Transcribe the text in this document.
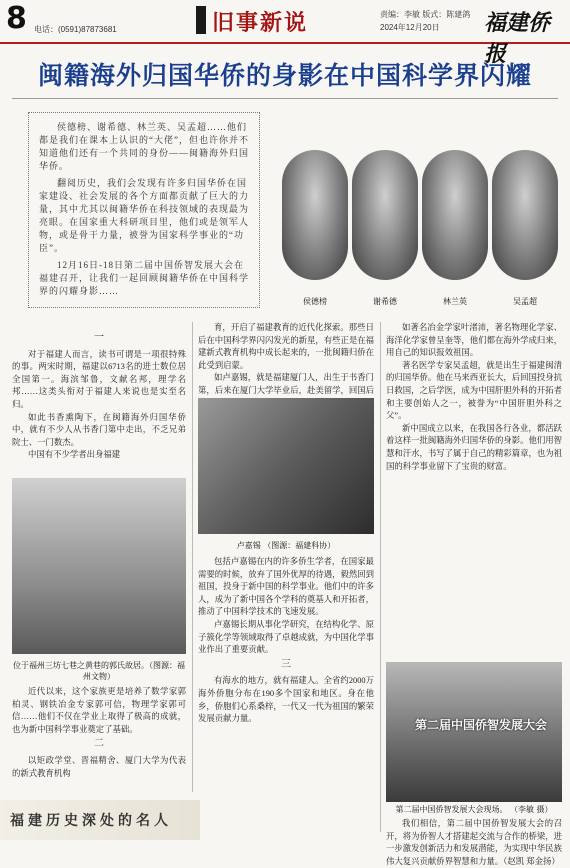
8 电话：(0591)87873681	旧事新说	责编：李敏 版式：陈建鸽
2024年12月20日	福建侨报
闽籍海外归国华侨的身影在中国科学界闪耀

侯德榜、谢希德、林兰英、吴孟超……他们都是我们在课本上认识的“大佬”，但也许你并不知道他们还有一个共同的身份——闽籍海外归国华侨。

翻阅历史，我们会发现有许多归国华侨在国家建设、社会发展的各个方面都贡献了巨大的力量，其中尤其以闽籍华侨在科技领域的表现最为亮眼。在国家重大科研项目里，他们或是领军人物，或是骨干力量，被誉为国家科学事业的“功臣”。

12月16日-18日第二届中国侨智发展大会在福建召开，让我们一起回顾闽籍华侨在中国科学界的闪耀身影……

侯德榜	谢希德	林兰英	吴孟超
一

对于福建人而言，读书可谓是一项很特殊的事。两宋时期，福建以6713名的进士数位居全国第一。海滨邹鲁，文献名邦，理学名邦……这类头衔对于福建人来说也是实至名归。

如此书香熏陶下，在闽籍海外归国华侨中，就有不少人从书香门第中走出，不乏兄弟院士、一门数杰。

中国有不少学者出身福建

位于福州三坊七巷之黄巷的郭氏故居。（图源：福州文物）

近代以来，这个家族更是培养了数学家郭柏灵、钢铁冶金专家郭可信，物理学家郭可信……他们不仅在学业上取得了极高的成就，也为新中国科学事业奠定了基础。

二

以矩政学堂、晋福精舍、厦门大学为代表的新式教育机构

育，开启了福建教育的近代化探索。那些日后在中国科学界闪闪发光的新星，有些正是在福建新式教育机构中成长起来的，一批闽籍归侨在此受到启蒙。

如卢嘉锡，就是福建厦门人，出生于书香门第，后来在厦门大学毕业后，赴美留学，回国后

卢嘉锡 （图源：福建科协）

包括卢嘉锡在内的许多侨生学者，在国家最需要的时候，放弃了国外优厚的待遇，毅然回到祖国，投身于新中国的科学事业。他们中的许多人，成为了新中国各个学科的奠基人和开拓者，推动了中国科学技术的飞速发展。

卢嘉锡长期从事化学研究，在结构化学、原子簇化学等领域取得了卓越成就，为中国化学事业作出了重要贡献。

三

有海水的地方，就有福建人。全省约2000万海外侨胞分布在190多个国家和地区。身在他乡，侨胞们心系桑梓，一代又一代为祖国的繁荣发展贡献力量。

如著名冶金学家叶渚沛，著名物理化学家、海洋化学家曾呈奎等，他们都在海外学成归来，用自己的知识报效祖国。

著名医学专家吴孟超，就是出生于福建闽清的归国华侨。他在马来西亚长大，后回国投身抗日救国，之后学医，成为中国肝胆外科的开拓者和主要创始人之一，被誉为“中国肝胆外科之父”。

新中国成立以来，在我国各行各业，都活跃着这样一批闽籍海外归国华侨的身影。他们用智慧和汗水，书写了属于自己的精彩篇章，也为祖国的科学事业留下了宝贵的财富。

第二届中国侨智发展大会
第二届中国侨智发展大会现场。 （李敏 摄）

我们相信，第二届中国侨智发展大会的召开，将为侨智人才搭建起交流与合作的桥梁，进一步激发创新活力和发展潜能，为实现中华民族伟大复兴贡献侨界智慧和力量。（赵凯 郑金扬）

福建历史深处的名人
